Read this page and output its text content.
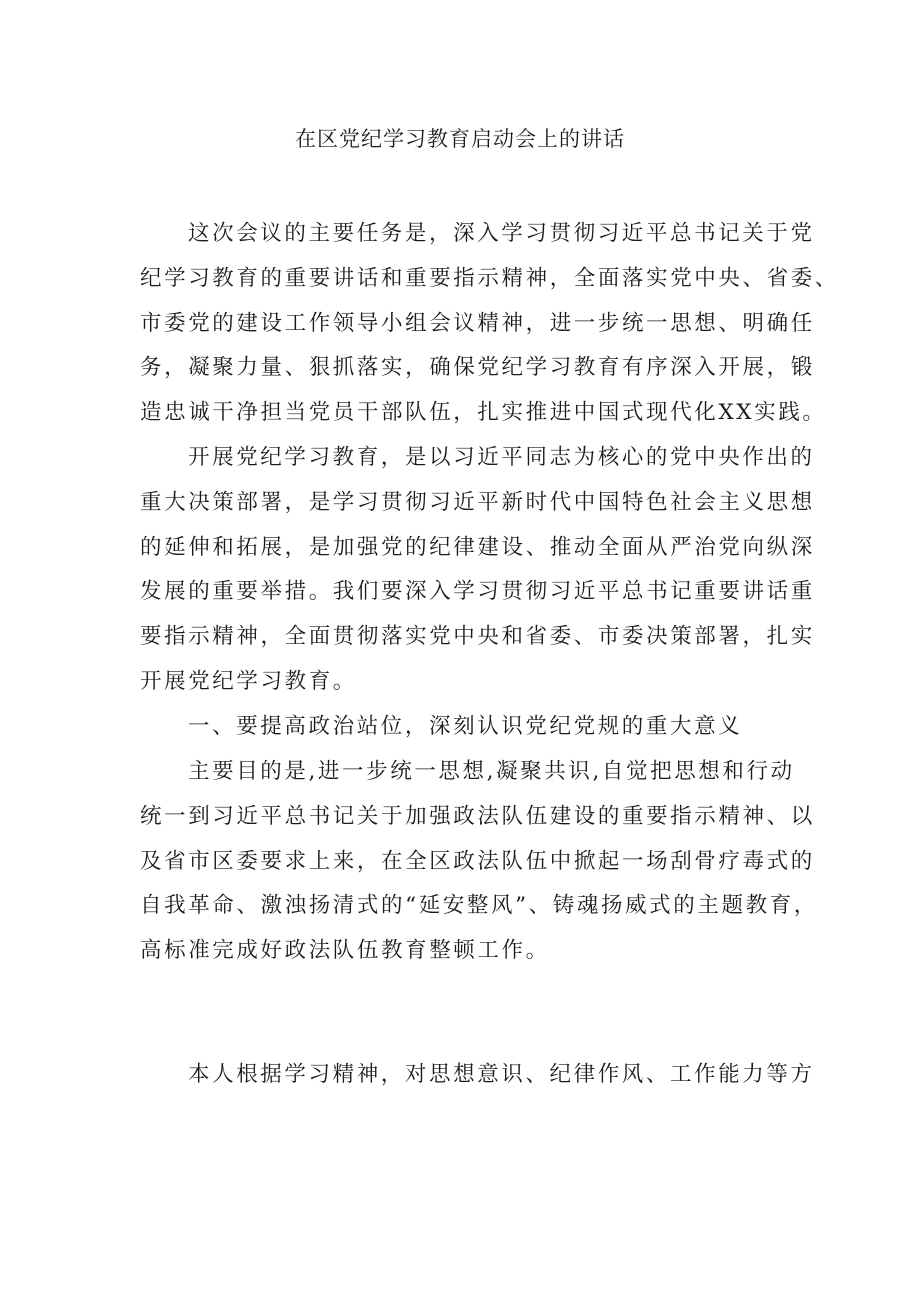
在区党纪学习教育启动会上的讲话
这次会议的主要任务是，深入学习贯彻习近平总书记关于党
纪学习教育的重要讲话和重要指示精神，全面落实党中央、省委、
市委党的建设工作领导小组会议精神，进一步统一思想、明确任
务，凝聚力量、狠抓落实，确保党纪学习教育有序深入开展，锻
造忠诚干净担当党员干部队伍，扎实推进中国式现代化XX实践。
开展党纪学习教育，是以习近平同志为核心的党中央作出的
重大决策部署，是学习贯彻习近平新时代中国特色社会主义思想
的延伸和拓展，是加强党的纪律建设、推动全面从严治党向纵深
发展的重要举措。我们要深入学习贯彻习近平总书记重要讲话重
要指示精神，全面贯彻落实党中央和省委、市委决策部署，扎实
开展党纪学习教育。
一、要提高政治站位，深刻认识党纪党规的重大意义
主要目的是,进一步统一思想,凝聚共识,自觉把思想和行动
统一到习近平总书记关于加强政法队伍建设的重要指示精神、以
及省市区委要求上来，在全区政法队伍中掀起一场刮骨疗毒式的
自我革命、激浊扬清式的“延安整风”、铸魂扬威式的主题教育，
高标准完成好政法队伍教育整顿工作。
本人根据学习精神，对思想意识、纪律作风、工作能力等方
